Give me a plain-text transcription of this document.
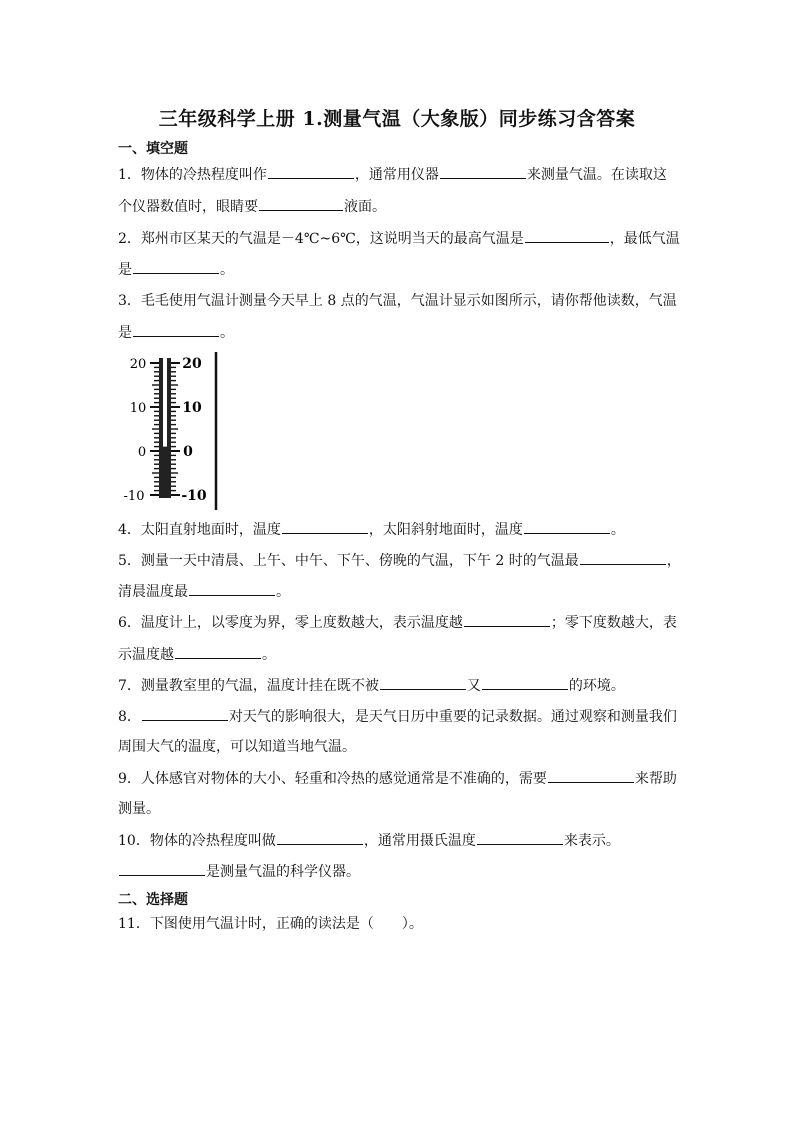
三年级科学上册 1.测量气温（大象版）同步练习含答案
一、填空题
1．物体的冷热程度叫作	，通常用仪器	来测量气温。在读取这
个仪器数值时，眼睛要	液面。
2．郑州市区某天的气温是－4℃~6℃，这说明当天的最高气温是	，最低气温
是	。
3．毛毛使用气温计测量今天早上 8 点的气温，气温计显示如图所示，请你帮他读数，气温
是	。
20
10
0
-10
20
10
0
-10
4．太阳直射地面时，温度	，太阳斜射地面时，温度	。
5．测量一天中清晨、上午、中午、下午、傍晚的气温，下午 2 时的气温最	，
清晨温度最	。
6．温度计上，以零度为界，零上度数越大，表示温度越	；零下度数越大，表
示温度越	。
7．测量教室里的气温，温度计挂在既不被	又	的环境。
8．	对天气的影响很大，是天气日历中重要的记录数据。通过观察和测量我们
周围大气的温度，可以知道当地气温。
9．人体感官对物体的大小、轻重和冷热的感觉通常是不准确的，需要	来帮助
测量。
10．物体的冷热程度叫做	，通常用摄氏温度	来表示。
是测量气温的科学仪器。
二、选择题
11．下图使用气温计时，正确的读法是（　　）。
